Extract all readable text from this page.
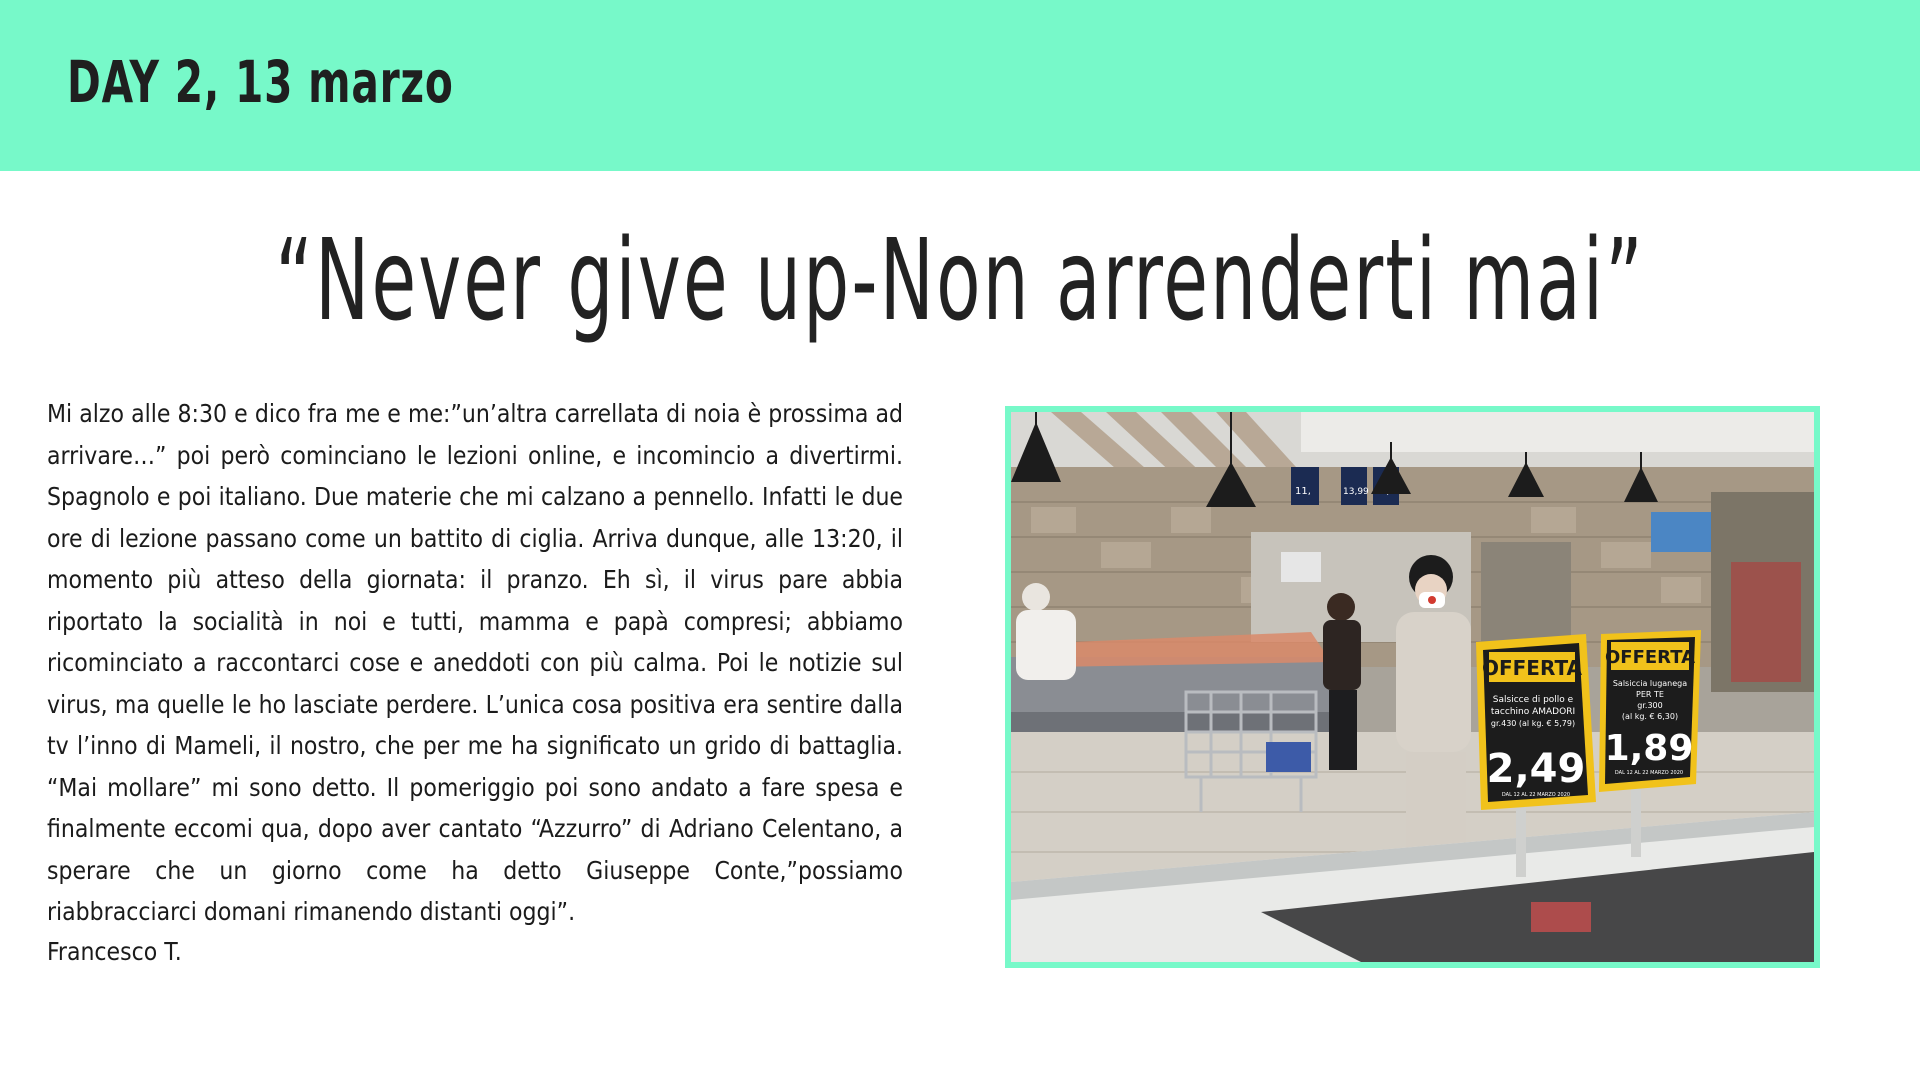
DAY 2, 13 marzo
“Never give up-Non arrenderti mai”
Mi alzo alle 8:30 e dico fra me e me:”un’altra carrellata di noia è prossima ad arrivare…” poi però cominciano le lezioni online, e incomincio a divertirmi. Spagnolo e poi italiano. Due materie che mi calzano a pennello. Infatti le due ore di lezione passano come un battito di ciglia. Arriva dunque, alle 13:20, il momento più atteso della giornata: il pranzo. Eh sì, il virus pare abbia riportato la socialità in noi e tutti, mamma e papà compresi; abbiamo ricominciato a raccontarci cose e aneddoti con più calma. Poi le notizie sul virus, ma quelle le ho lasciate perdere. L’unica cosa positiva era sentire dalla tv l’inno di Mameli, il nostro, che per me ha significato un grido di battaglia. “Mai mollare” mi sono detto. Il pomeriggio poi sono andato a fare spesa e finalmente eccomi qua, dopo aver cantato “Azzurro” di Adriano Celentano, a sperare che un giorno come ha detto Giuseppe Conte,”possiamo riabbracciarci domani rimanendo distanti oggi”.
Francesco T.
11,	13,99
OFFERTA
Salsicce di pollo e
tacchino AMADORI
gr.430 (al kg. € 5,79)
2,49
DAL 12 AL 22 MARZO 2020
OFFERTA
Salsiccia luganega
PER TE
gr.300
(al kg. € 6,30)
1,89
DAL 12 AL 22 MARZO 2020
